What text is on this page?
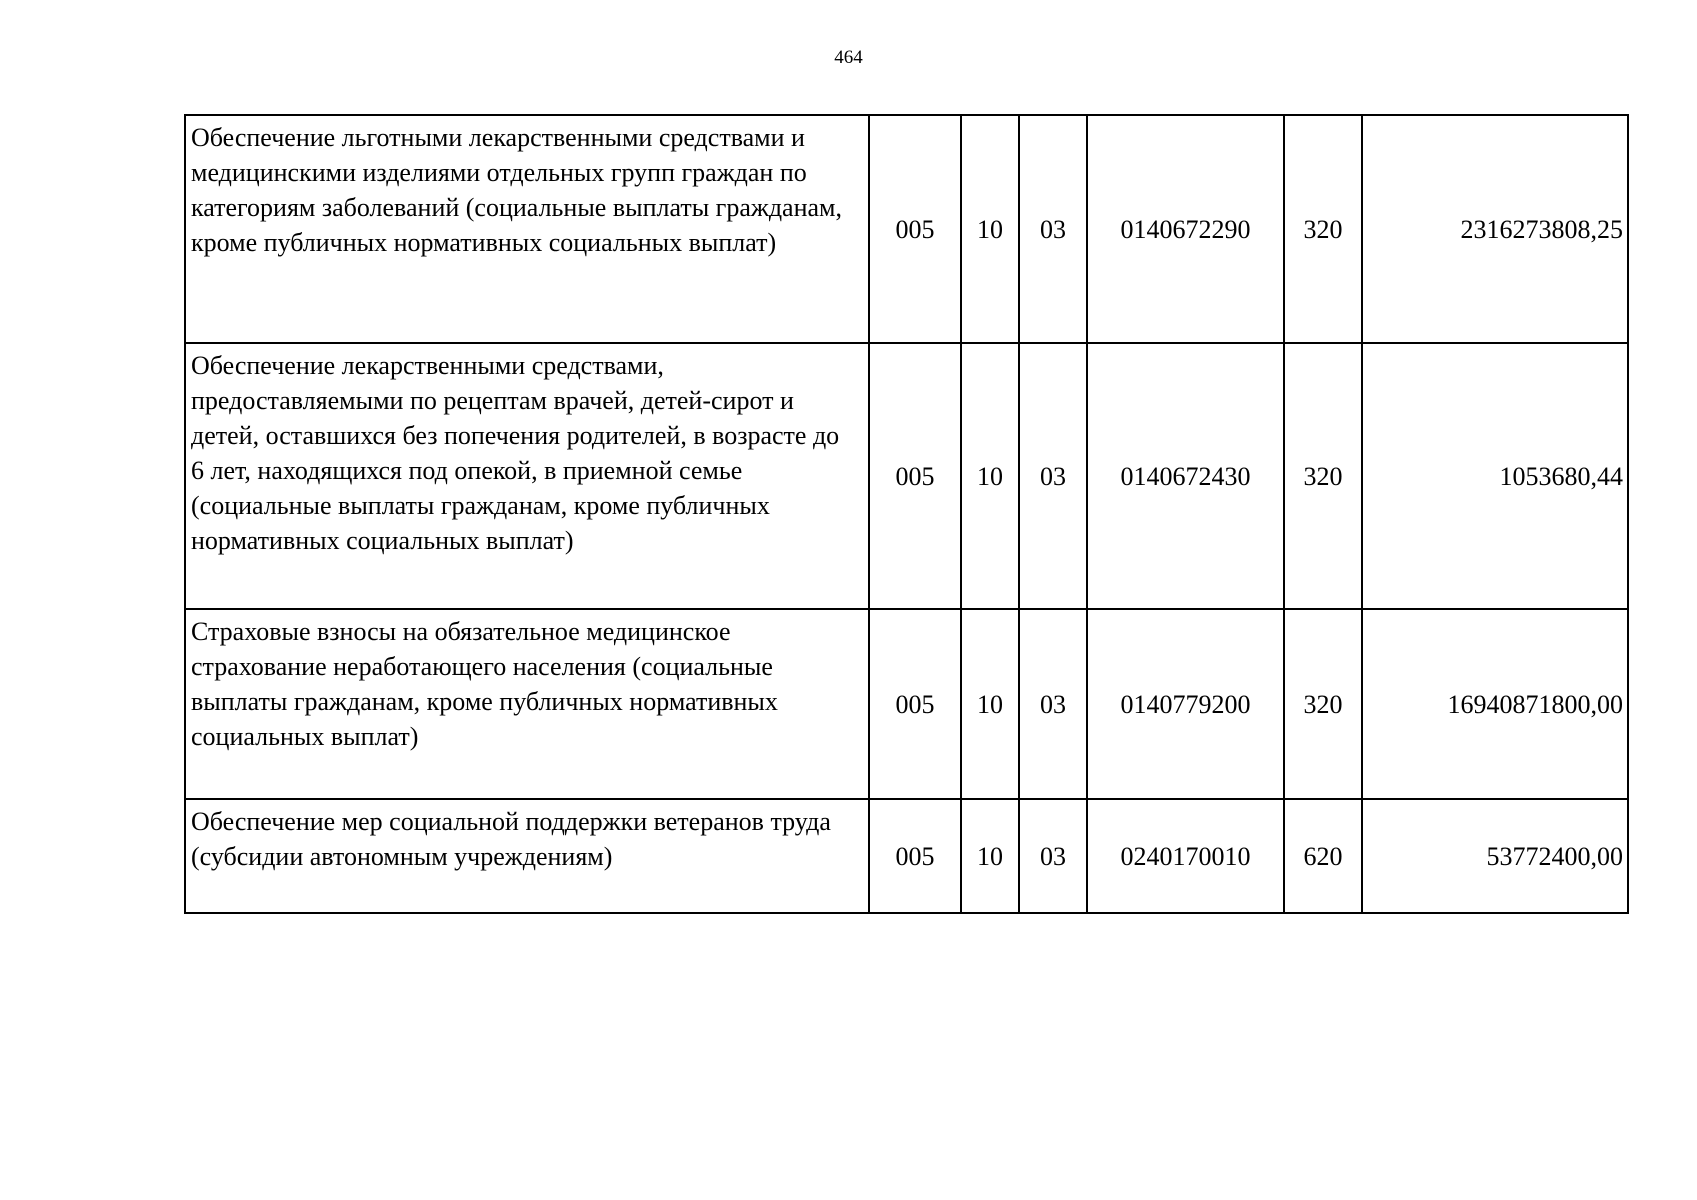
464
Обеспечение льготными лекарственными средствами и медицинскими изделиями отдельных групп граждан по категориям заболеваний (социальные выплаты гражданам, кроме публичных нормативных социальных выплат)	005	10	03	0140672290	320	2316273808,25
Обеспечение лекарственными средствами, предоставляемыми по рецептам врачей, детей-сирот и детей, оставшихся без попечения родителей, в возрасте до 6 лет, находящихся под опекой, в приемной семье (социальные выплаты гражданам, кроме публичных нормативных социальных выплат)	005	10	03	0140672430	320	1053680,44
Страховые взносы на обязательное медицинское страхование неработающего населения (социальные выплаты гражданам, кроме публичных нормативных социальных выплат)	005	10	03	0140779200	320	16940871800,00
Обеспечение мер социальной поддержки ветеранов труда (субсидии автономным учреждениям)	005	10	03	0240170010	620	53772400,00
